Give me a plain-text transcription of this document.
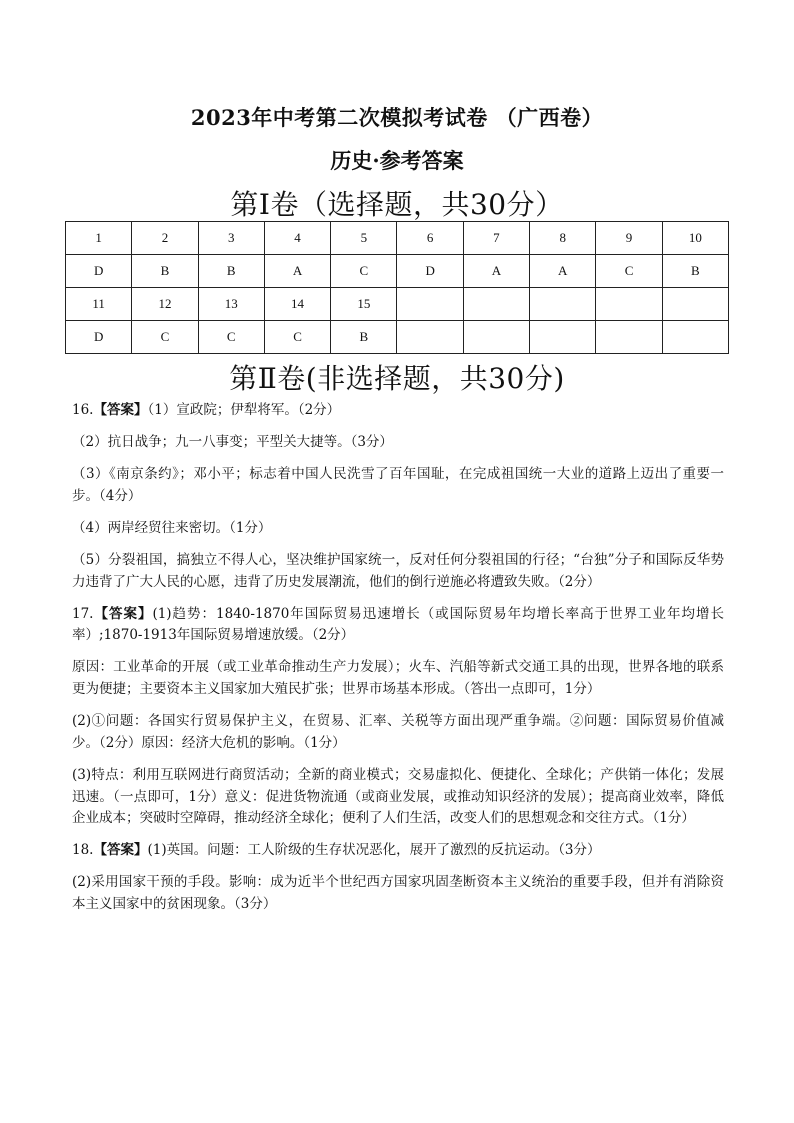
2023年中考第二次模拟考试卷 （广西卷）
历史·参考答案
第Ⅰ卷（选择题，共30分）
1	2	3	4	5	6	7	8	9	10
D	B	B	A	C	D	A	A	C	B
11	12	13	14	15					
D	C	C	C	B					
第Ⅱ卷(非选择题，共30分)

16.【答案】（1）宣政院；伊犁将军。（2分）

（2）抗日战争；九一八事变；平型关大捷等。（3分）

（3）《南京条约》；邓小平；标志着中国人民洗雪了百年国耻，在完成祖国统一大业的道路上迈出了重要一步。（4分）

（4）两岸经贸往来密切。（1分）

（5）分裂祖国，搞独立不得人心，坚决维护国家统一，反对任何分裂祖国的行径；“台独”分子和国际反华势力违背了广大人民的心愿，违背了历史发展潮流，他们的倒行逆施必将遭致失败。（2分）

17.【答案】(1)趋势：1840-1870年国际贸易迅速增长（或国际贸易年均增长率高于世界工业年均增长率）;1870-1913年国际贸易增速放缓。（2分）

原因：工业革命的开展（或工业革命推动生产力发展）；火车、汽船等新式交通工具的出现，世界各地的联系更为便捷；主要资本主义国家加大殖民扩张；世界市场基本形成。（答出一点即可，1分）

(2)①问题：各国实行贸易保护主义，在贸易、汇率、关税等方面出现严重争端。②问题：国际贸易价值减少。（2分）原因：经济大危机的影响。（1分）

(3)特点：利用互联网进行商贸活动；全新的商业模式；交易虚拟化、便捷化、全球化；产供销一体化；发展迅速。（一点即可，1分）意义：促进货物流通（或商业发展，或推动知识经济的发展）；提高商业效率，降低企业成本；突破时空障碍，推动经济全球化；便利了人们生活，改变人们的思想观念和交往方式。（1分）

18.【答案】(1)英国。问题：工人阶级的生存状况恶化，展开了激烈的反抗运动。（3分）

(2)采用国家干预的手段。影响：成为近半个世纪西方国家巩固垄断资本主义统治的重要手段，但并有消除资本主义国家中的贫困现象。（3分）
